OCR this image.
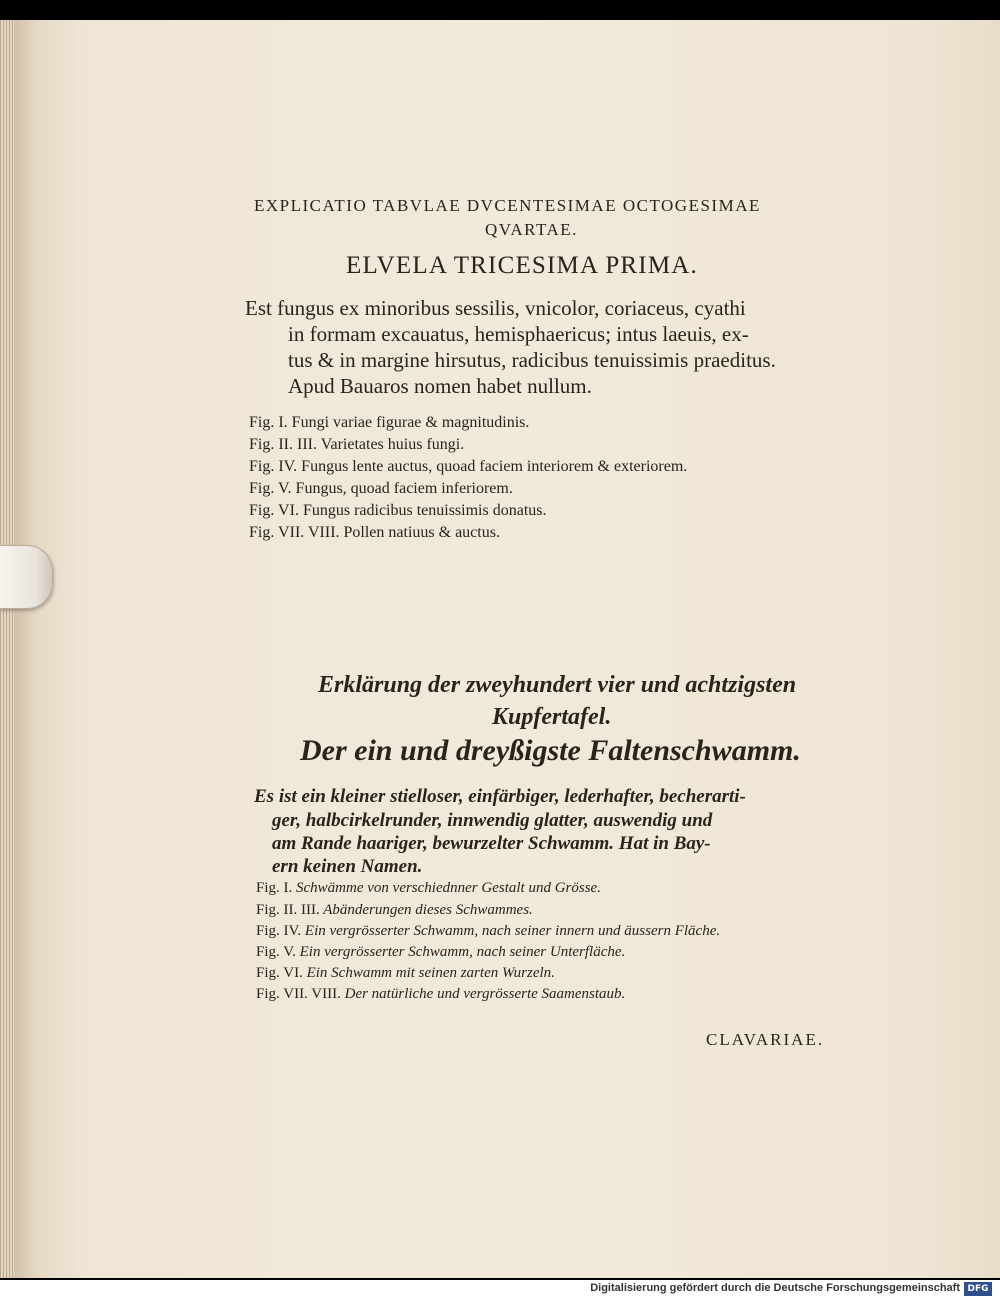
EXPLICATIO TABVLAE DVCENTESIMAE OCTOGESIMAE
QVARTAE.
ELVELA TRICESIMA PRIMA.
Est fungus ex minoribus sessilis, vnicolor, coriaceus, cyathi
in formam excauatus, hemisphaericus; intus laeuis, ex-
tus & in margine hirsutus, radicibus tenuissimis praeditus.
Apud Bauaros nomen habet nullum.
Fig. I. Fungi variae figurae & magnitudinis.
Fig. II. III. Varietates huius fungi.
Fig. IV. Fungus lente auctus, quoad faciem interiorem & exteriorem.
Fig. V. Fungus, quoad faciem inferiorem.
Fig. VI. Fungus radicibus tenuissimis donatus.
Fig. VII. VIII. Pollen natiuus & auctus.
Erklärung der zweyhundert vier und achtzigsten
Kupfertafel.
Der ein und dreyßigste Faltenschwamm.
Es ist ein kleiner stielloser, einfärbiger, lederhafter, becherarti-
ger, halbcirkelrunder, innwendig glatter, auswendig und
am Rande haariger, bewurzelter Schwamm. Hat in Bay-
ern keinen Namen.
Fig. I. Schwämme von verschiednner Gestalt und Grösse.
Fig. II. III. Abänderungen dieses Schwammes.
Fig. IV. Ein vergrösserter Schwamm, nach seiner innern und äussern Fläche.
Fig. V. Ein vergrösserter Schwamm, nach seiner Unterfläche.
Fig. VI. Ein Schwamm mit seinen zarten Wurzeln.
Fig. VII. VIII. Der natürliche und vergrösserte Saamenstaub.
CLAVARIAE.
Digitalisierung gefördert durch die Deutsche Forschungsgemeinschaft DFG
